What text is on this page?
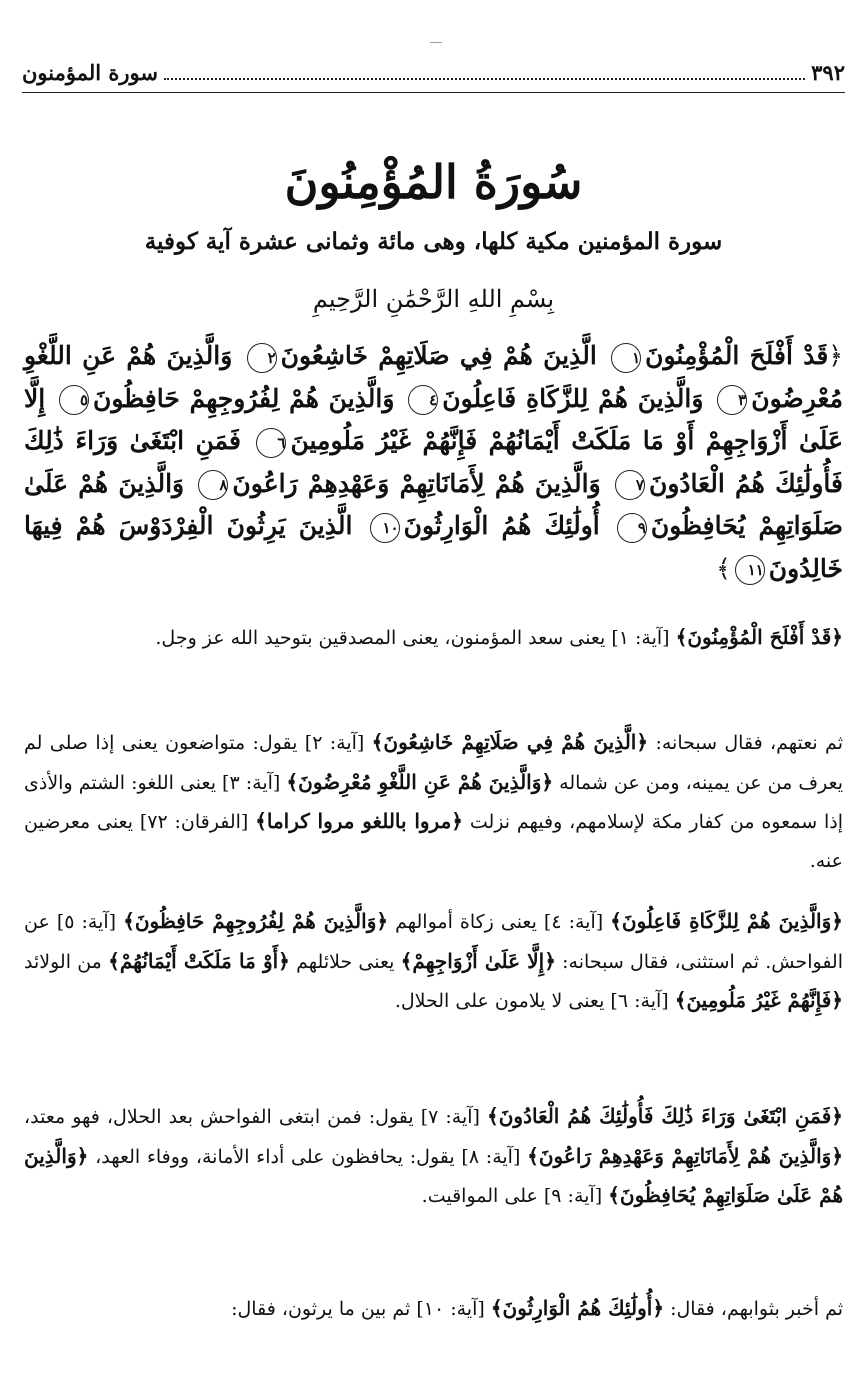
٣٩٢
سورة المؤمنون
سُورَةُ المُؤْمِنُونَ
سورة المؤمنين مكية كلها، وهى مائة وثمانى عشرة آية كوفية
بِسْمِ اللهِ الرَّحْمَٰنِ الرَّحِيمِ
﴿قَدْ أَفْلَحَ الْمُؤْمِنُونَ١ الَّذِينَ هُمْ فِي صَلَاتِهِمْ خَاشِعُونَ٢ وَالَّذِينَ هُمْ عَنِ اللَّغْوِ مُعْرِضُونَ٣ وَالَّذِينَ هُمْ لِلزَّكَاةِ فَاعِلُونَ٤ وَالَّذِينَ هُمْ لِفُرُوجِهِمْ حَافِظُونَ٥ إِلَّا عَلَىٰ أَزْوَاجِهِمْ أَوْ مَا مَلَكَتْ أَيْمَانُهُمْ فَإِنَّهُمْ غَيْرُ مَلُومِينَ٦ فَمَنِ ابْتَغَىٰ وَرَاءَ ذَٰلِكَ فَأُولَٰئِكَ هُمُ الْعَادُونَ٧ وَالَّذِينَ هُمْ لِأَمَانَاتِهِمْ وَعَهْدِهِمْ رَاعُونَ٨ وَالَّذِينَ هُمْ عَلَىٰ صَلَوَاتِهِمْ يُحَافِظُونَ٩ أُولَٰئِكَ هُمُ الْوَارِثُونَ١٠ الَّذِينَ يَرِثُونَ الْفِرْدَوْسَ هُمْ فِيهَا خَالِدُونَ١١﴾
﴿قَدْ أَفْلَحَ الْمُؤْمِنُونَ﴾ [آية: ١] يعنى سعد المؤمنون، يعنى المصدقين بتوحيد الله عز وجل.
ثم نعتهم، فقال سبحانه: ﴿الَّذِينَ هُمْ فِي صَلَاتِهِمْ خَاشِعُونَ﴾ [آية: ٢] يقول: متواضعون يعنى إذا صلى لم يعرف من عن يمينه، ومن عن شماله ﴿وَالَّذِينَ هُمْ عَنِ اللَّغْوِ مُعْرِضُونَ﴾ [آية: ٣] يعنى اللغو: الشتم والأذى إذا سمعوه من كفار مكة لإسلامهم، وفيهم نزلت ﴿مروا باللغو مروا كراما﴾ [الفرقان: ٧٢] يعنى معرضين عنه.
﴿وَالَّذِينَ هُمْ لِلزَّكَاةِ فَاعِلُونَ﴾ [آية: ٤] يعنى زكاة أموالهم ﴿وَالَّذِينَ هُمْ لِفُرُوجِهِمْ حَافِظُونَ﴾ [آية: ٥] عن الفواحش. ثم استثنى، فقال سبحانه: ﴿إِلَّا عَلَىٰ أَزْوَاجِهِمْ﴾ يعنى حلائلهم ﴿أَوْ مَا مَلَكَتْ أَيْمَانُهُمْ﴾ من الولائد ﴿فَإِنَّهُمْ غَيْرُ مَلُومِينَ﴾ [آية: ٦] يعنى لا يلامون على الحلال.
﴿فَمَنِ ابْتَغَىٰ وَرَاءَ ذَٰلِكَ فَأُولَٰئِكَ هُمُ الْعَادُونَ﴾ [آية: ٧] يقول: فمن ابتغى الفواحش بعد الحلال، فهو معتد، ﴿وَالَّذِينَ هُمْ لِأَمَانَاتِهِمْ وَعَهْدِهِمْ رَاعُونَ﴾ [آية: ٨] يقول: يحافظون على أداء الأمانة، ووفاء العهد، ﴿وَالَّذِينَ هُمْ عَلَىٰ صَلَوَاتِهِمْ يُحَافِظُونَ﴾ [آية: ٩] على المواقيت.
ثم أخبر بثوابهم، فقال: ﴿أُولَٰئِكَ هُمُ الْوَارِثُونَ﴾ [آية: ١٠] ثم بين ما يرثون، فقال:
